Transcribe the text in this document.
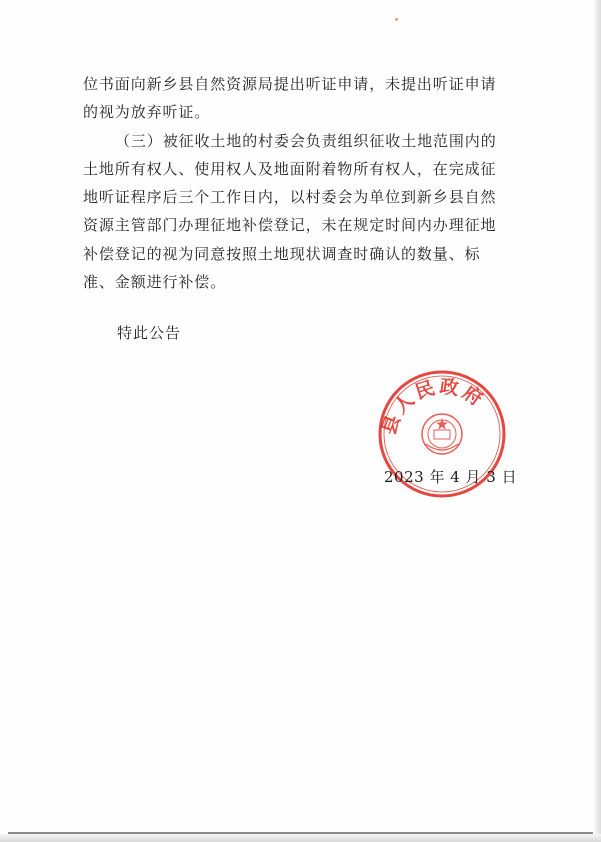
位书面向新乡县自然资源局提出听证申请，未提出听证申请的视为放弃听证。

（三）被征收土地的村委会负责组织征收土地范围内的土地所有权人、使用权人及地面附着物所有权人，在完成征地听证程序后三个工作日内，以村委会为单位到新乡县自然资源主管部门办理征地补偿登记，未在规定时间内办理征地补偿登记的视为同意按照土地现状调查时确认的数量、标准、金额进行补偿。

特此公告
县人民政府
2023 年 4 月 3 日
